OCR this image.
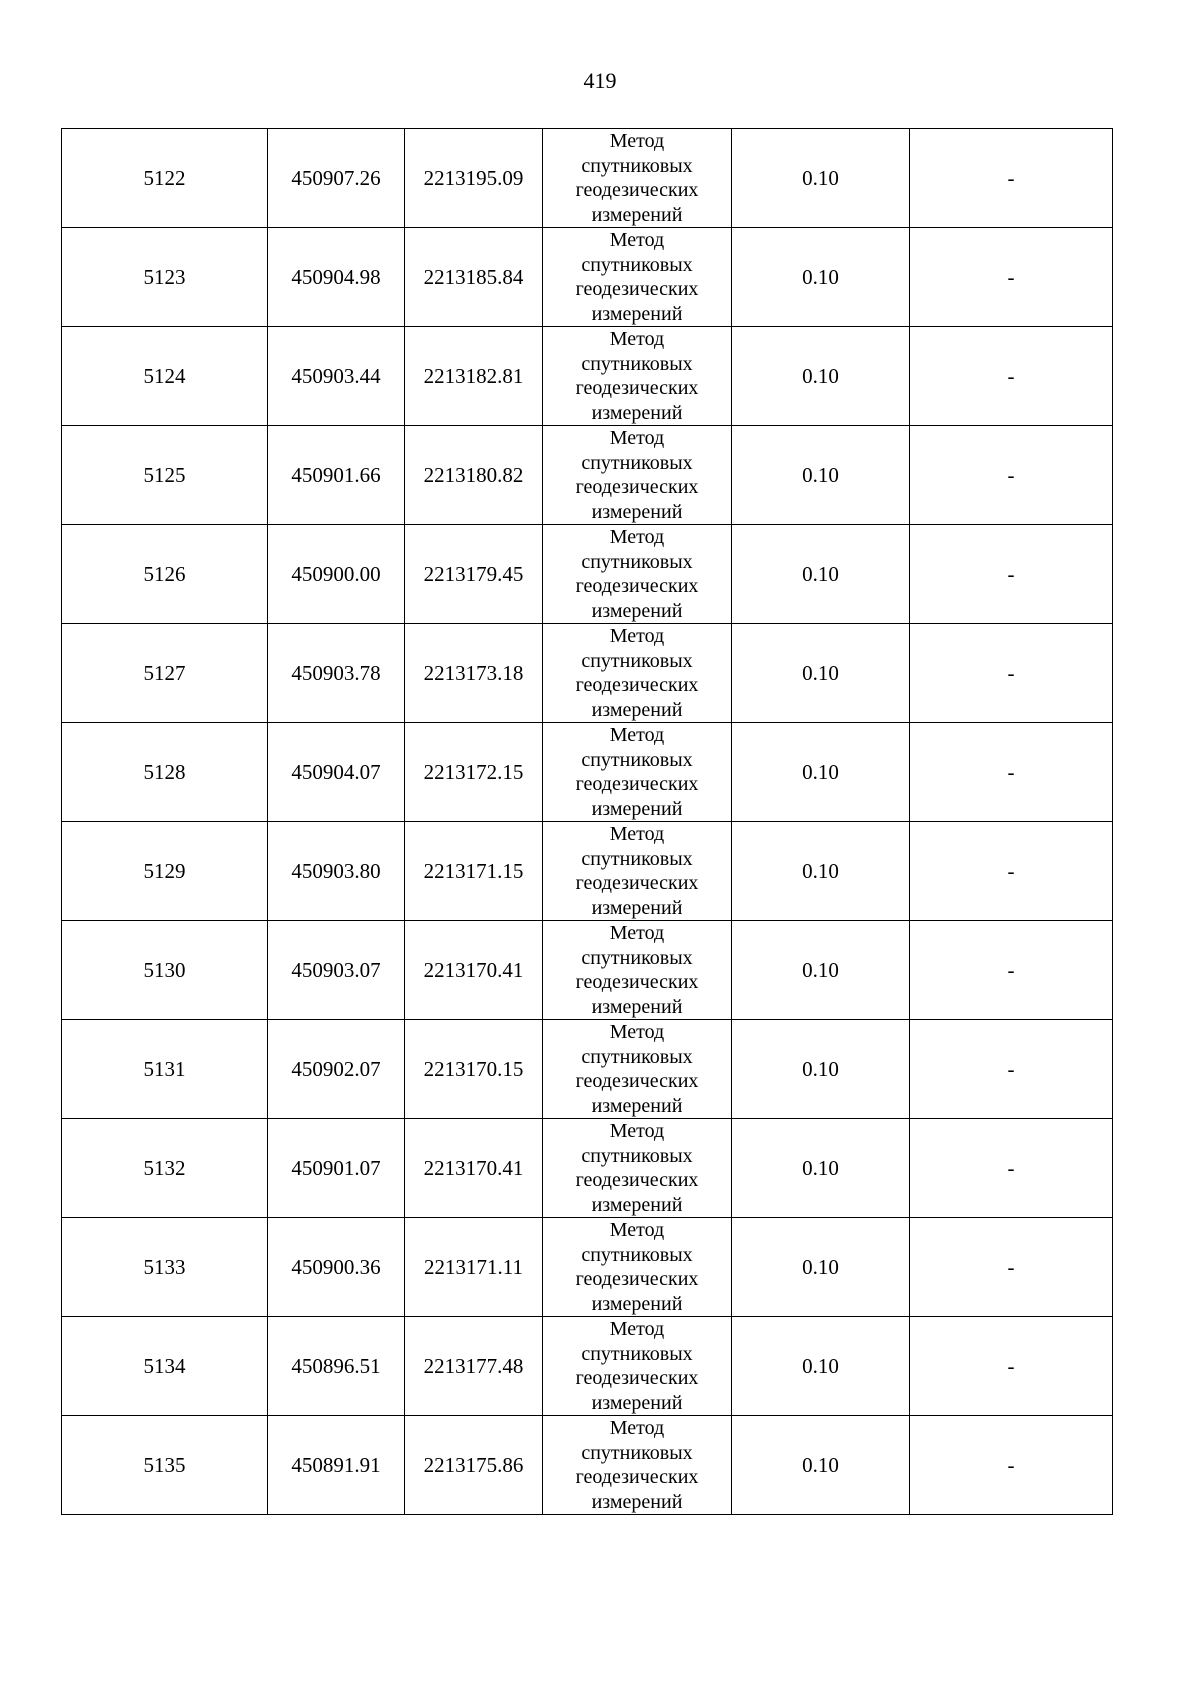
419
5122	450907.26	2213195.09	Метод
спутниковых
геодезических
измерений	0.10	-
5123	450904.98	2213185.84	Метод
спутниковых
геодезических
измерений	0.10	-
5124	450903.44	2213182.81	Метод
спутниковых
геодезических
измерений	0.10	-
5125	450901.66	2213180.82	Метод
спутниковых
геодезических
измерений	0.10	-
5126	450900.00	2213179.45	Метод
спутниковых
геодезических
измерений	0.10	-
5127	450903.78	2213173.18	Метод
спутниковых
геодезических
измерений	0.10	-
5128	450904.07	2213172.15	Метод
спутниковых
геодезических
измерений	0.10	-
5129	450903.80	2213171.15	Метод
спутниковых
геодезических
измерений	0.10	-
5130	450903.07	2213170.41	Метод
спутниковых
геодезических
измерений	0.10	-
5131	450902.07	2213170.15	Метод
спутниковых
геодезических
измерений	0.10	-
5132	450901.07	2213170.41	Метод
спутниковых
геодезических
измерений	0.10	-
5133	450900.36	2213171.11	Метод
спутниковых
геодезических
измерений	0.10	-
5134	450896.51	2213177.48	Метод
спутниковых
геодезических
измерений	0.10	-
5135	450891.91	2213175.86	Метод
спутниковых
геодезических
измерений	0.10	-
